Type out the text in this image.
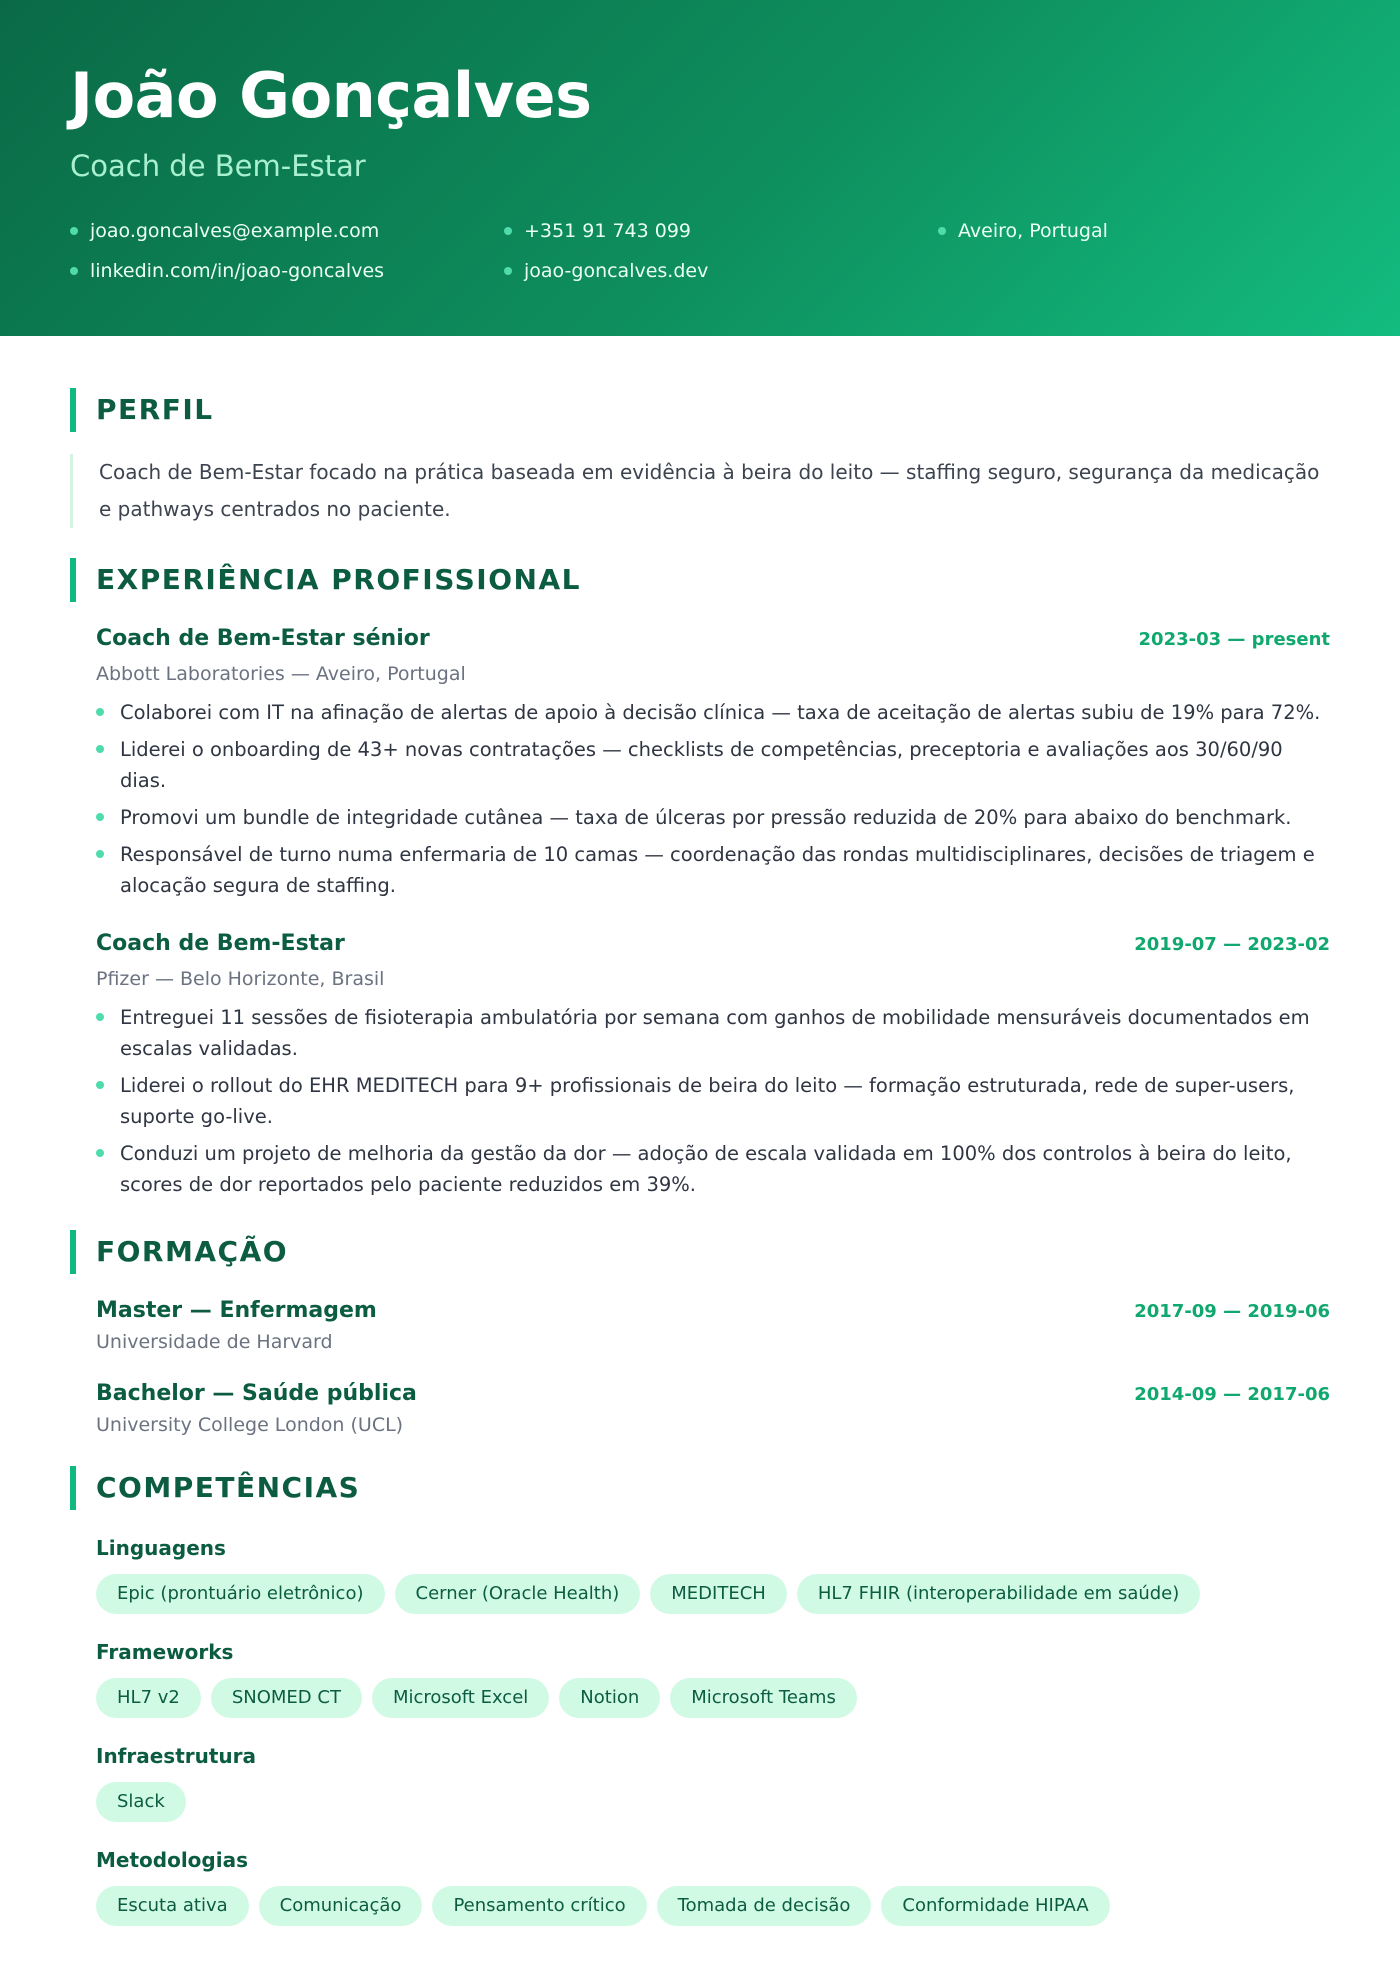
João Gonçalves
Coach de Bem-Estar
joao.goncalves@example.com	+351 91 743 099	Aveiro, Portugal
linkedin.com/in/joao-goncalves	joao-goncalves.dev
PERFIL

Coach de Bem-Estar focado na prática baseada em evidência à beira do leito — staffing seguro, segurança da medicação e pathways centrados no paciente.

EXPERIÊNCIA PROFISSIONAL
Coach de Bem-Estar sénior	2023-03 — present
Abbott Laboratories — Aveiro, Portugal
Colaborei com IT na afinação de alertas de apoio à decisão clínica — taxa de aceitação de alertas subiu de 19% para 72%.
Liderei o onboarding de 43+ novas contratações — checklists de competências, preceptoria e avaliações aos 30/60/90 dias.
Promovi um bundle de integridade cutânea — taxa de úlceras por pressão reduzida de 20% para abaixo do benchmark.
Responsável de turno numa enfermaria de 10 camas — coordenação das rondas multidisciplinares, decisões de triagem e alocação segura de staffing.
Coach de Bem-Estar	2019-07 — 2023-02
Pfizer — Belo Horizonte, Brasil
Entreguei 11 sessões de fisioterapia ambulatória por semana com ganhos de mobilidade mensuráveis documentados em escalas validadas.
Liderei o rollout do EHR MEDITECH para 9+ profissionais de beira do leito — formação estruturada, rede de super-users, suporte go-live.
Conduzi um projeto de melhoria da gestão da dor — adoção de escala validada em 100% dos controlos à beira do leito, scores de dor reportados pelo paciente reduzidos em 39%.
FORMAÇÃO
Master — Enfermagem	2017-09 — 2019-06
Universidade de Harvard
Bachelor — Saúde pública	2014-09 — 2017-06
University College London (UCL)
COMPETÊNCIAS
Linguagens
Epic (prontuário eletrônico)	Cerner (Oracle Health)	MEDITECH	HL7 FHIR (interoperabilidade em saúde)
Frameworks
HL7 v2	SNOMED CT	Microsoft Excel	Notion	Microsoft Teams
Infraestrutura
Slack
Metodologias
Escuta ativa	Comunicação	Pensamento crítico	Tomada de decisão	Conformidade HIPAA
